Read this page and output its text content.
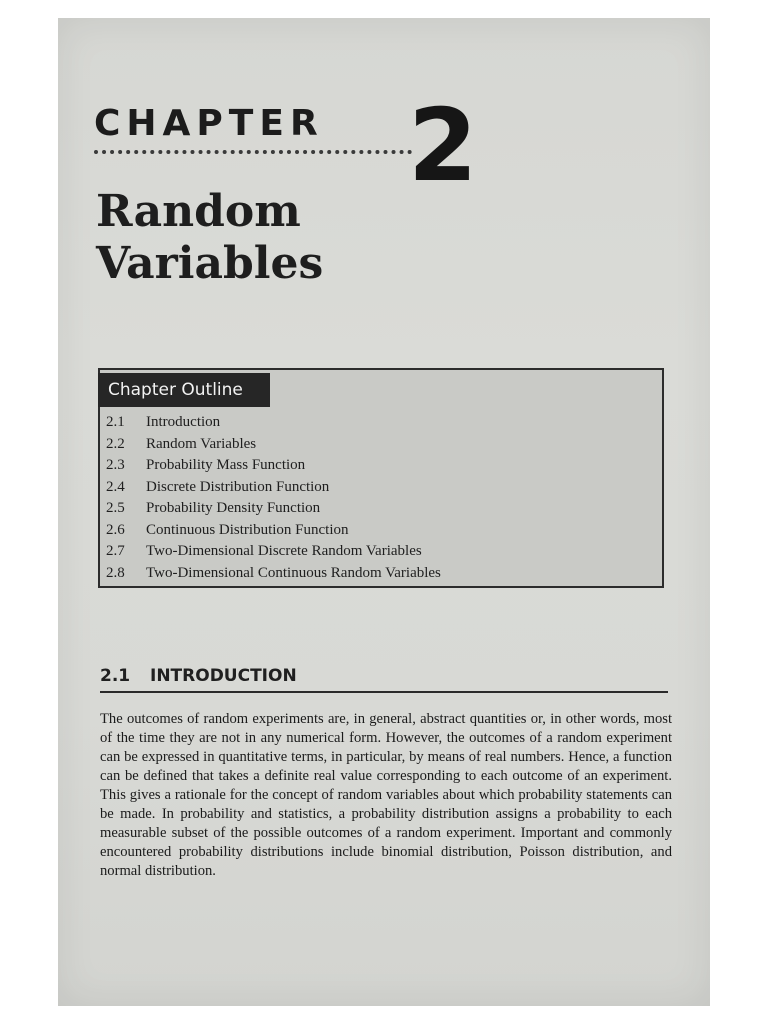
CHAPTER 2
Random Variables
Chapter Outline
2.1 Introduction
2.2 Random Variables
2.3 Probability Mass Function
2.4 Discrete Distribution Function
2.5 Probability Density Function
2.6 Continuous Distribution Function
2.7 Two-Dimensional Discrete Random Variables
2.8 Two-Dimensional Continuous Random Variables
2.1 INTRODUCTION

The outcomes of random experiments are, in general, abstract quantities or, in other words, most of the time they are not in any numerical form. However, the outcomes of a random experiment can be expressed in quantitative terms, in particular, by means of real numbers. Hence, a function can be defined that takes a definite real value corresponding to each outcome of an experiment. This gives a rationale for the concept of random variables about which probability statements can be made. In probability and statistics, a probability distribution assigns a probability to each measurable subset of the possible outcomes of a random experiment. Important and commonly encountered probability distributions include binomial distribution, Poisson distribution, and normal distribution.
